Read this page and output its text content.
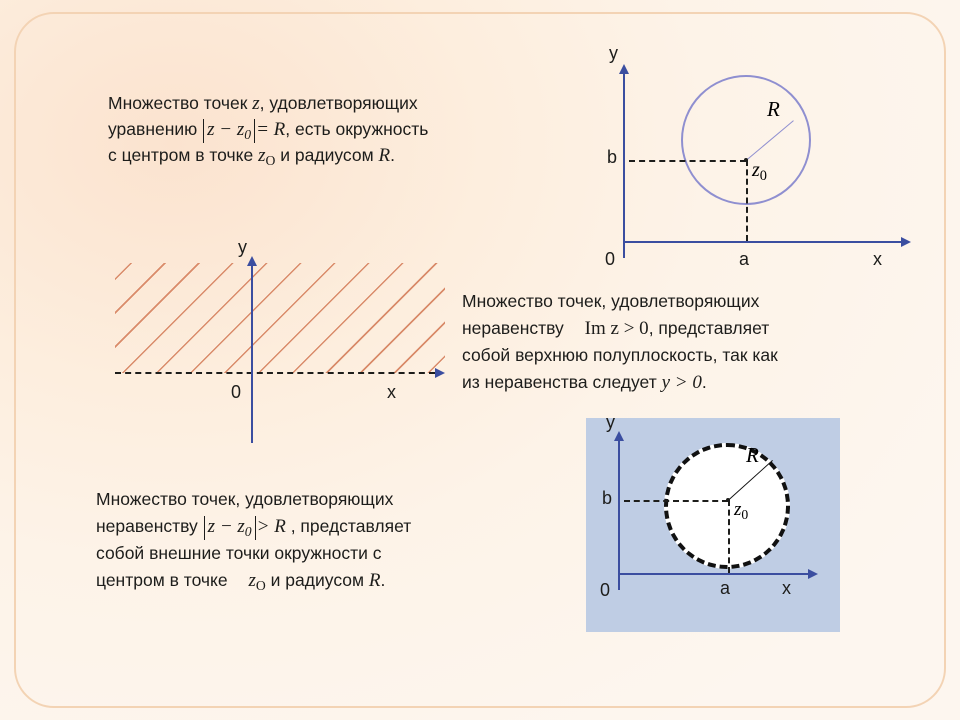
Множество точек z, удовлетворяющих
уравнению $z - z_0 = R$, есть окружность
с центром в точке $z_O$ и радиусом R.
y
x
0
b
a
R
$z_0$
x
y
0
Множество точек, удовлетворяющих
неравенству Im z > 0, представляет
собой верхнюю полуплоскость, так как
из неравенства следует y > 0.
Множество точек, удовлетворяющих
неравенству $z - z_0 > R$ , представляет
собой внешние точки окружности с
центром в точке $z_O$ и радиусом R.
y
x
0
b
a
R
$z_0$
